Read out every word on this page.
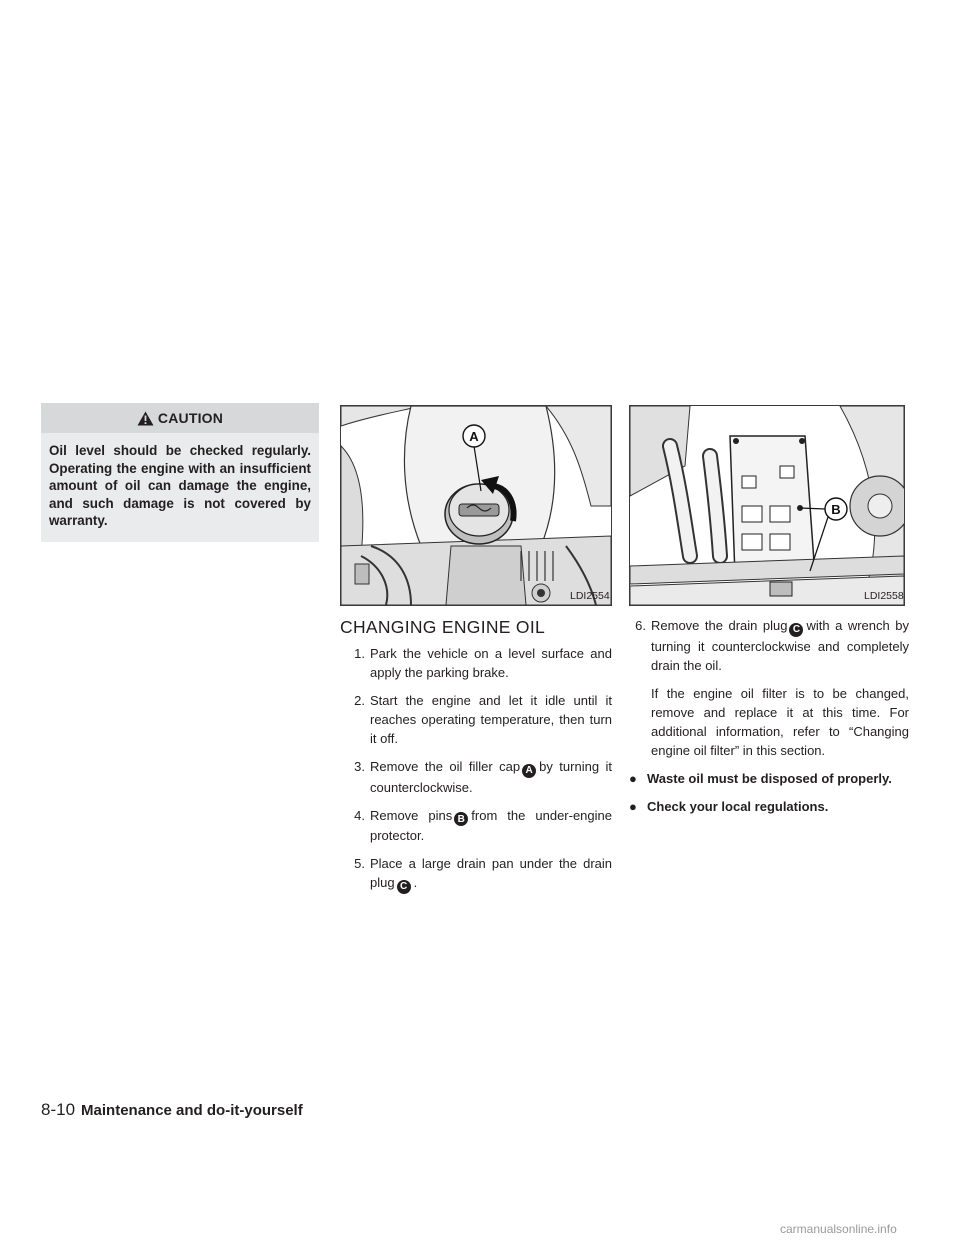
CAUTION
Oil level should be checked regularly. Operating the engine with an insufficient amount of oil can damage the engine, and such damage is not covered by warranty.
A
LDI2554
B
LDI2558
CHANGING ENGINE OIL
1. Park the vehicle on a level surface and apply the parking brake.
2. Start the engine and let it idle until it reaches operating temperature, then turn it off.
3. Remove the oil filler cap A by turning it counterclockwise.
4. Remove pins B from the under-engine protector.
5. Place a large drain pan under the drain plug C .
6. Remove the drain plug C with a wrench by turning it counterclockwise and completely drain the oil.
If the engine oil filter is to be changed, remove and replace it at this time. For additional information, refer to “Changing engine oil filter” in this section.
● Waste oil must be disposed of properly.
● Check your local regulations.
8-10 Maintenance and do-it-yourself
carmanualsonline.info
